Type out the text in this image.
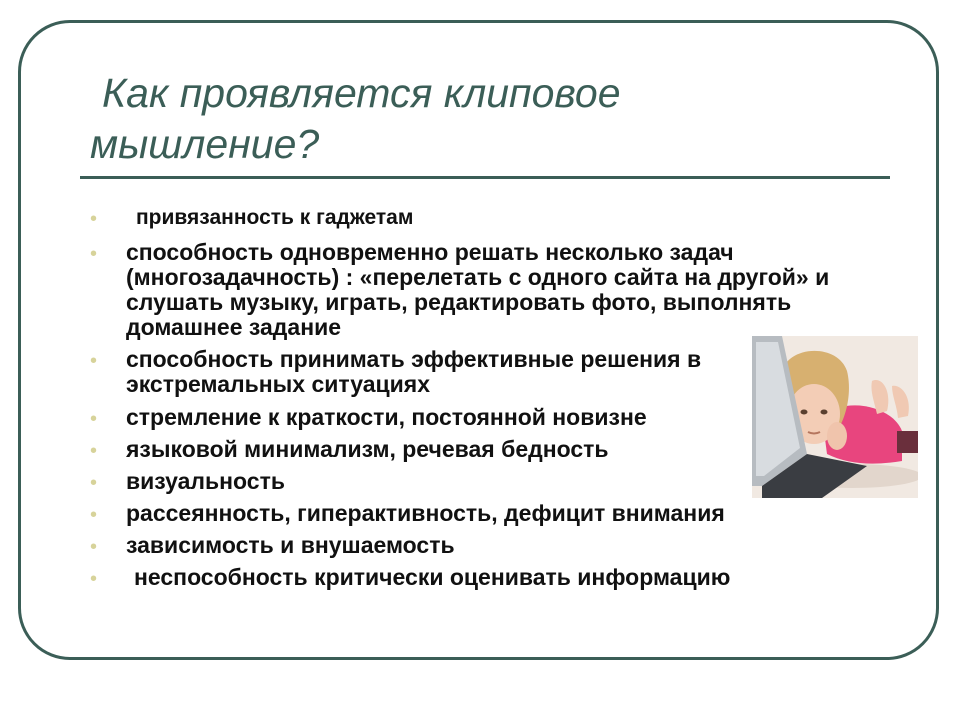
Как проявляется клиповое
мышление?
•	привязанность к гаджетам
• способность одновременно решать несколько задач (многозадачность) : «перелетать с одного сайта на другой» и слушать музыку, играть, редактировать фото, выполнять домашнее задание
• способность принимать эффективные решения в экстремальных ситуациях
• стремление к краткости, постоянной новизне
• языковой минимализм, речевая бедность
• визуальность
• рассеянность, гиперактивность, дефицит внимания
• зависимость и внушаемость
•	неспособность критически оценивать информацию
